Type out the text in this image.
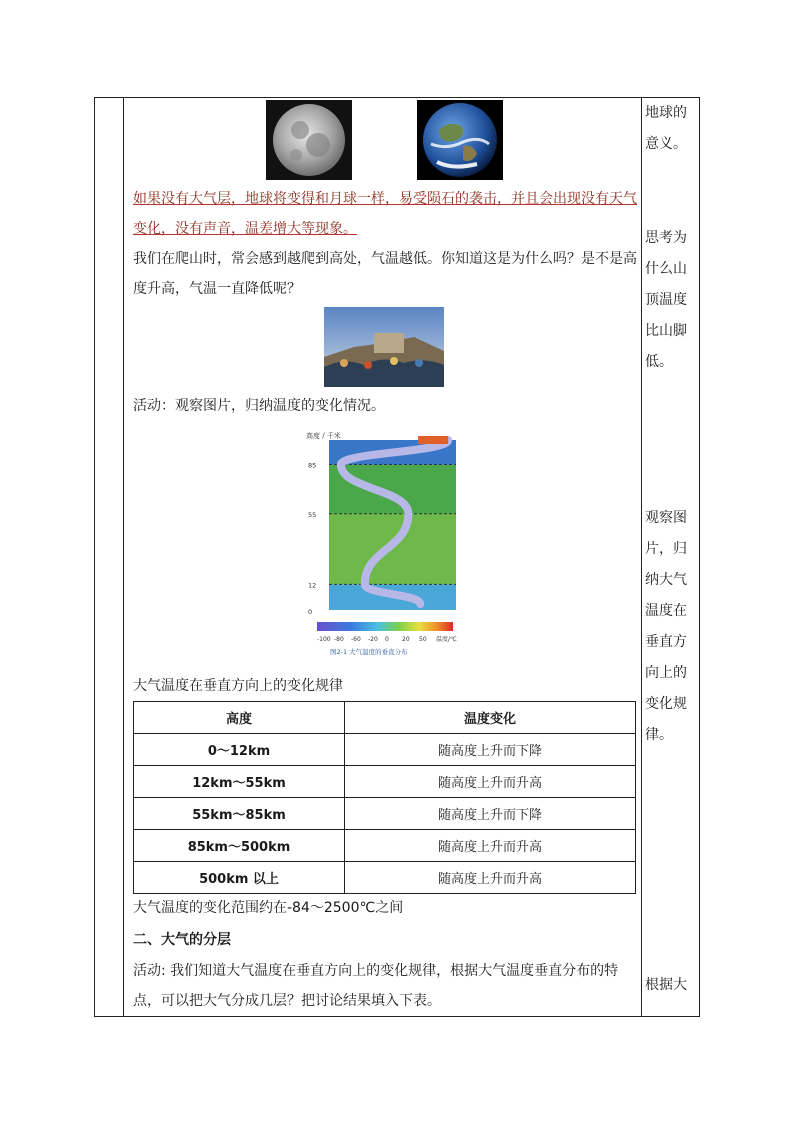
如果没有大气层，地球将变得和月球一样，易受陨石的袭击，并且会出现没有天气变化，没有声音，温差增大等现象。
我们在爬山时，常会感到越爬到高处，气温越低。你知道这是为什么吗？是不是高度升高，气温一直降低呢？
活动：观察图片，归纳温度的变化情况。
高度 / 千米
85
55
12
0
-100 -80 -60 -20 0 20 50 温度/℃
图2-1 大气温度的垂直分布
大气温度在垂直方向上的变化规律
高度	温度变化
0～12km	随高度上升而下降
12km～55km	随高度上升而升高
55km～85km	随高度上升而下降
85km～500km	随高度上升而升高
500km 以上	随高度上升而升高
大气温度的变化范围约在-84～2500℃之间
二、大气的分层
活动: 我们知道大气温度在垂直方向上的变化规律，根据大气温度垂直分布的特点，可以把大气分成几层？把讨论结果填入下表。
地球的意义。
思考为什么山顶温度比山脚低。
观察图片，归纳大气温度在垂直方向上的变化规律。
根据大
